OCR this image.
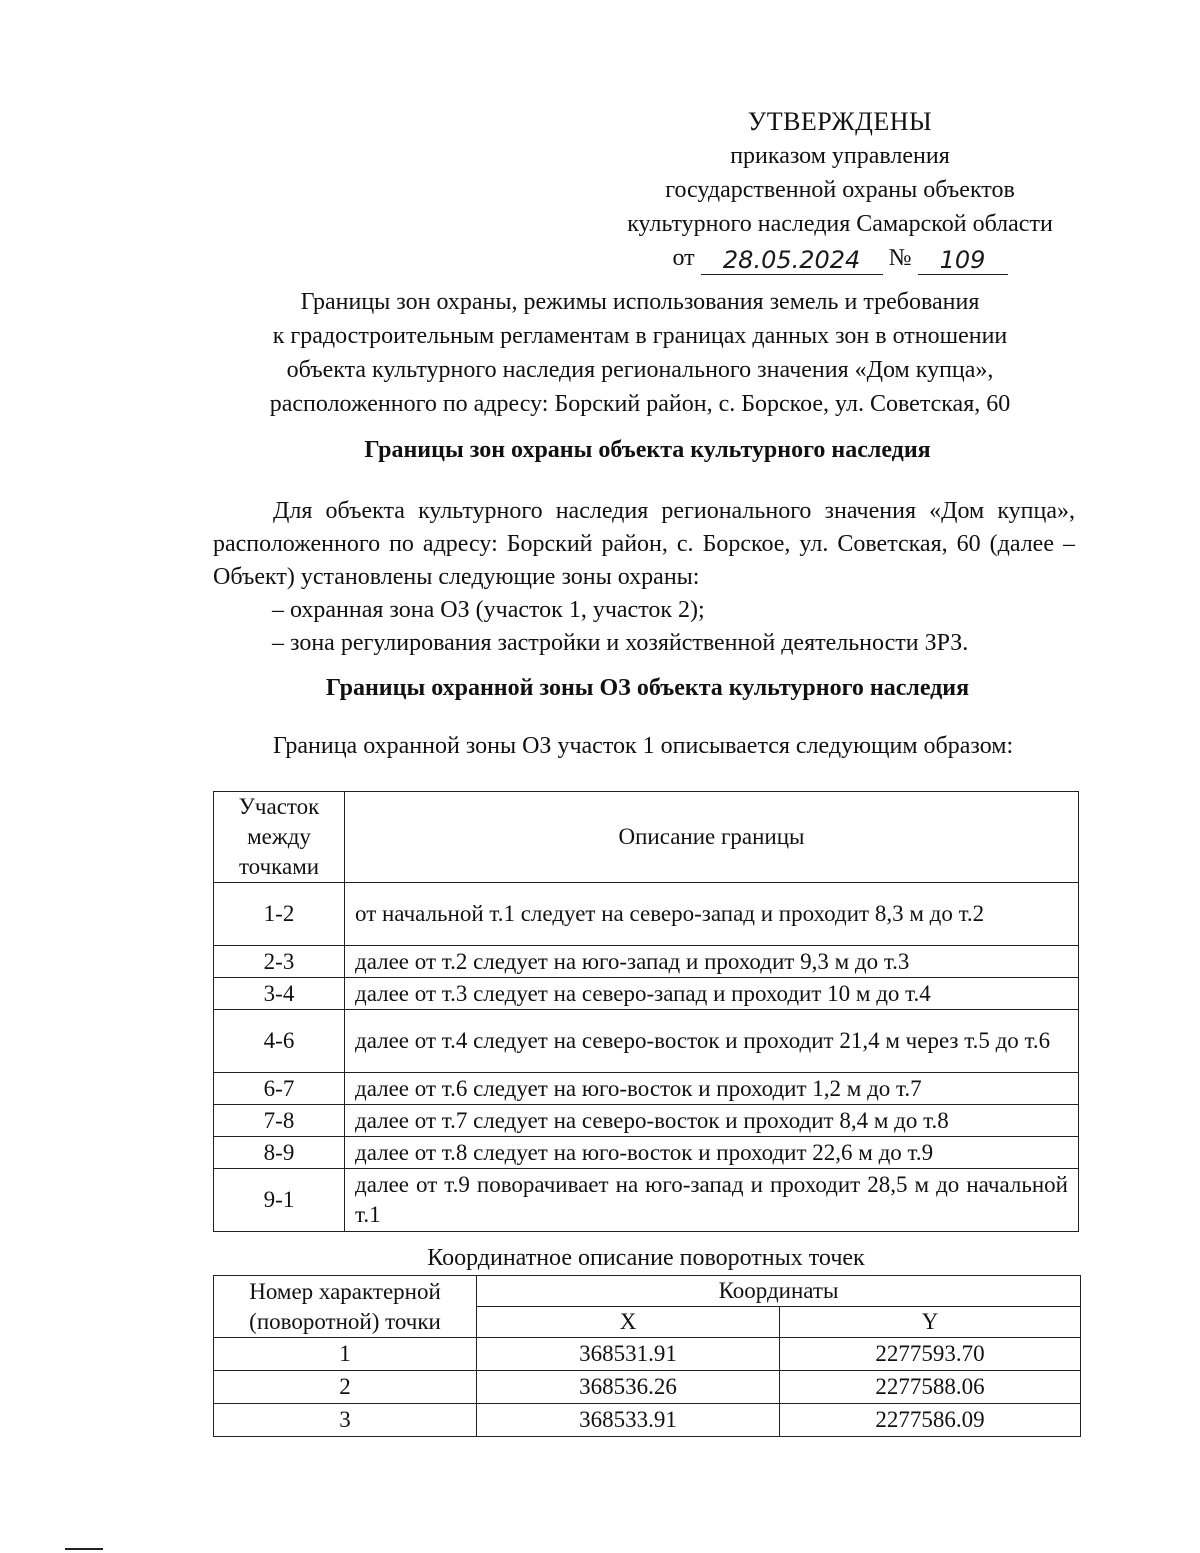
УТВЕРЖДЕНЫ
приказом управления
государственной охраны объектов
культурного наследия Самарской области
от	28.05.2024	№	109
Границы зон охраны, режимы использования земель и требования
к градостроительным регламентам в границах данных зон в отношении
объекта культурного наследия регионального значения «Дом купца»,
расположенного по адресу: Борский район, с. Борское, ул. Советская, 60
Границы зон охраны объекта культурного наследия
Для объекта культурного наследия регионального значения «Дом купца», расположенного по адресу: Борский район, с. Борское, ул. Советская, 60 (далее – Объект) установлены следующие зоны охраны:
– охранная зона ОЗ (участок 1, участок 2);
– зона регулирования застройки и хозяйственной деятельности ЗРЗ.
Границы охранной зоны ОЗ объекта культурного наследия
Граница охранной зоны ОЗ участок 1 описывается следующим образом:
Участок между точками	Описание границы
1-2	от начальной т.1 следует на северо-запад и проходит 8,3 м до т.2
2-3	далее от т.2 следует на юго-запад и проходит 9,3 м до т.3
3-4	далее от т.3 следует на северо-запад и проходит 10 м до т.4
4-6	далее от т.4 следует на северо-восток и проходит 21,4 м через т.5 до т.6
6-7	далее от т.6 следует на юго-восток и проходит 1,2 м до т.7
7-8	далее от т.7 следует на северо-восток и проходит 8,4 м до т.8
8-9	далее от т.8 следует на юго-восток и проходит 22,6 м до т.9
9-1	далее от т.9 поворачивает на юго-запад и проходит 28,5 м до начальной т.1
Координатное описание поворотных точек
Номер характерной (поворотной) точки	Координаты	
	X	Y
1	368531.91	2277593.70
2	368536.26	2277588.06
3	368533.91	2277586.09
